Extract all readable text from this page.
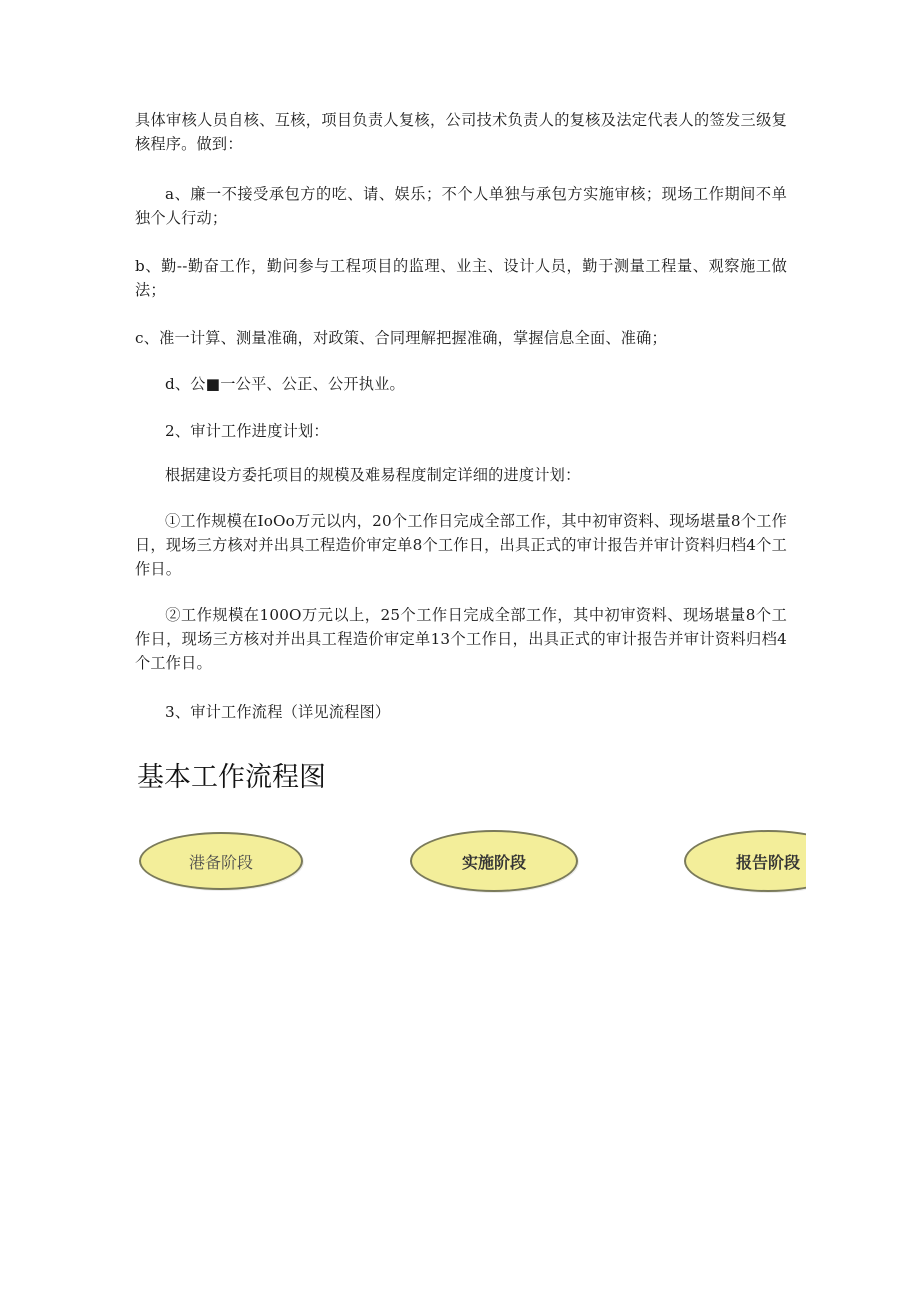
具体审核人员自核、互核，项目负责人复核，公司技术负责人的复核及法定代表人的签发三级复核程序。做到：

a、廉一不接受承包方的吃、请、娱乐；不个人单独与承包方实施审核；现场工作期间不单独个人行动；

b、勤--勤奋工作，勤问参与工程项目的监理、业主、设计人员，勤于测量工程量、观察施工做法；

c、准一计算、测量准确，对政策、合同理解把握准确，掌握信息全面、准确；

d、公■一公平、公正、公开执业。

2、审计工作进度计划：

根据建设方委托项目的规模及难易程度制定详细的进度计划：

①工作规模在IoOo万元以内，20个工作日完成全部工作，其中初审资料、现场堪量8个工作日，现场三方核对并出具工程造价审定单8个工作日，出具正式的审计报告并审计资料归档4个工作日。

②工作规模在100O万元以上，25个工作日完成全部工作，其中初审资料、现场堪量8个工作日，现场三方核对并出具工程造价审定单13个工作日，出具正式的审计报告并审计资料归档4个工作日。

3、审计工作流程（详见流程图）

基本工作流程图
港备阶段	实施阶段	报告阶段
